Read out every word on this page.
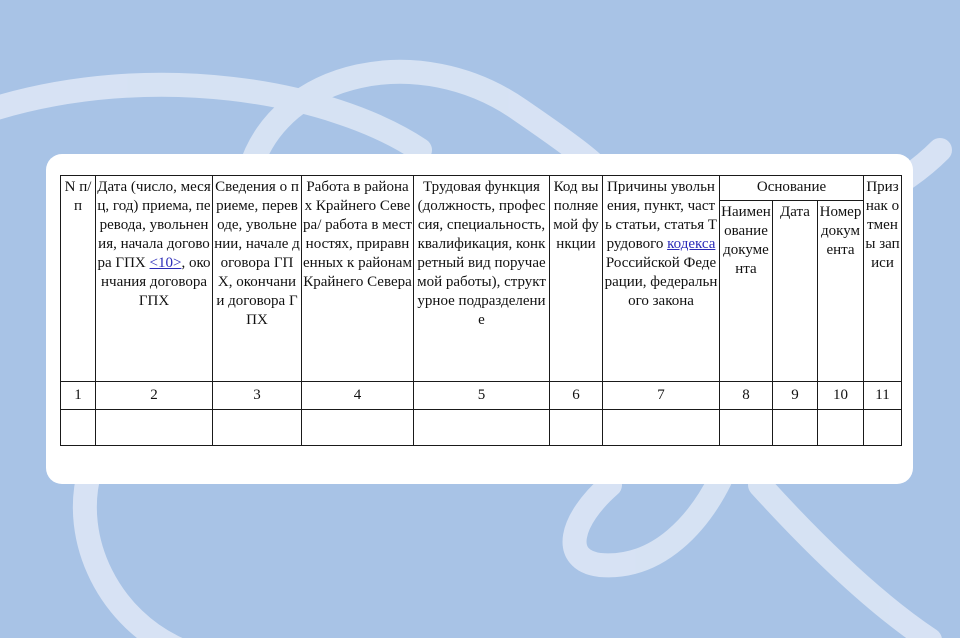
N п/п	Дата (число, месяц, год) приема, перевода, увольнения, начала договора ГПХ <10>, окончания договора ГПХ	Сведения о приеме, переводе, увольнении, начале договора ГПХ, окончании договора ГПХ	Работа в районах Крайнего Севера/ работа в местностях, приравненных к районам Крайнего Севера	Трудовая функция (должность, профессия, специальность, квалификация, конкретный вид поручаемой работы), структурное подразделение	Код выполняемой функции	Причины увольнения, пункт, часть статьи, статья Трудового кодекса Российской Федерации, федерального закона	Основание			Признак отмены записи
							Наименование документа	Дата	Номер документа	
1	2	3	4	5	6	7	8	9	10	11
